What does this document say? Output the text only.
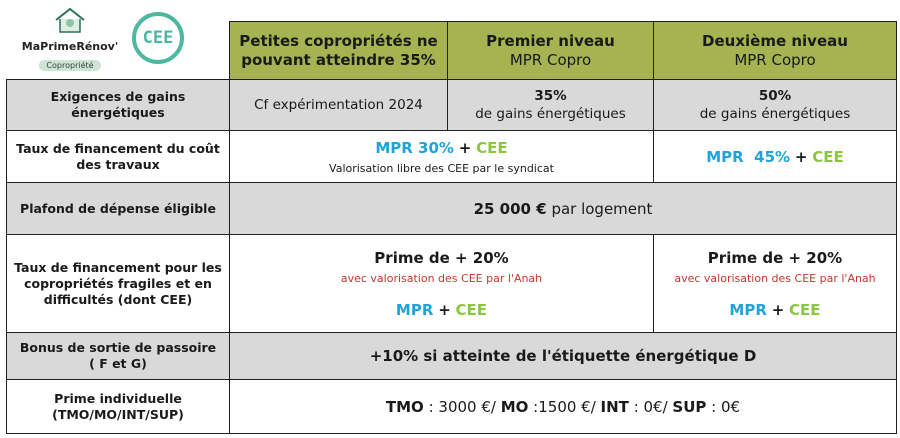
MaPrimeRénov'
Copropriété
CEE
		Petites copropriétés ne
pouvant atteindre 35%	Premier niveau
MPR Copro	Deuxième niveau
MPR Copro

Exigences de gains
énergétiques	Cf expérimentation 2024	35%
de gains énergétiques	50%
de gains énergétiques
Taux de financement du coût
des travaux	MPR 30% + CEE
Valorisation libre des CEE par le syndicat		MPR  45% + CEE
Plafond de dépense éligible	25 000 € par logement		
Taux de financement pour les
copropriétés fragiles et en
difficultés (dont CEE)	Prime de + 20%
avec valorisation des CEE par l'Anah
MPR + CEE		Prime de + 20%
avec valorisation des CEE par l'Anah
MPR + CEE
Bonus de sortie de passoire
( F et G)	+10% si atteinte de l'étiquette énergétique D		
Prime individuelle
(TMO/MO/INT/SUP)	TMO : 3000 €/ MO :1500 €/ INT : 0€/ SUP : 0€		
